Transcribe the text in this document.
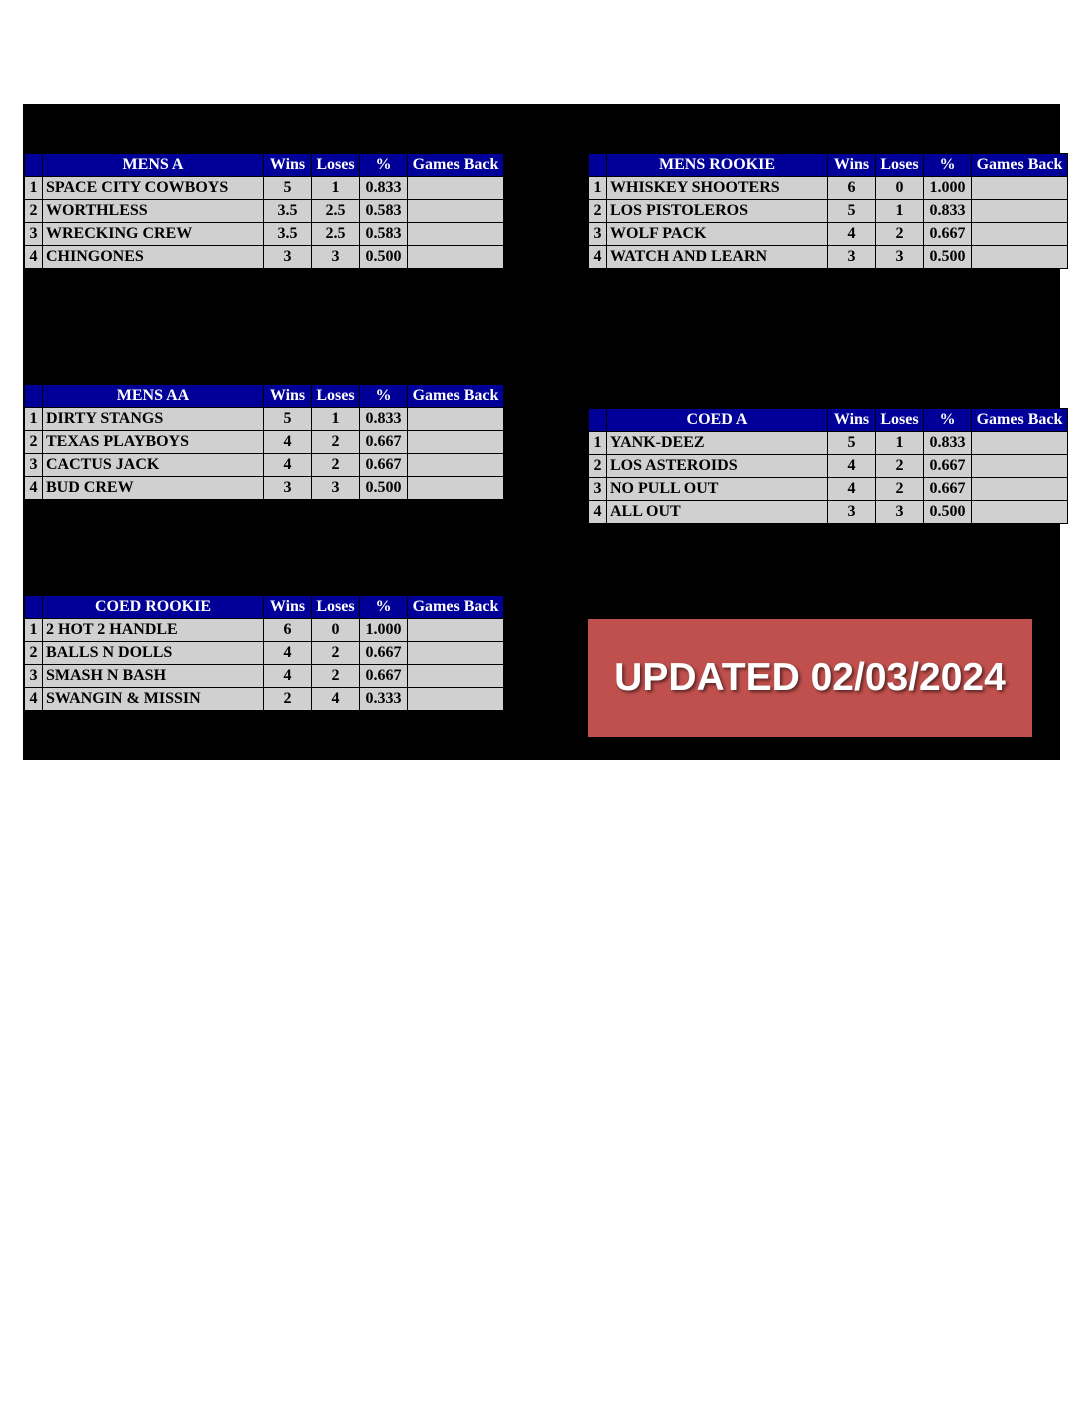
	MENS A	Wins	Loses	%	Games Back
1	SPACE CITY COWBOYS	5	1	0.833	
2	WORTHLESS	3.5	2.5	0.583	
3	WRECKING CREW	3.5	2.5	0.583	
4	CHINGONES	3	3	0.500	
	MENS ROOKIE	Wins	Loses	%	Games Back
1	WHISKEY SHOOTERS	6	0	1.000	
2	LOS PISTOLEROS	5	1	0.833	
3	WOLF PACK	4	2	0.667	
4	WATCH AND LEARN	3	3	0.500	
	MENS AA	Wins	Loses	%	Games Back
1	DIRTY STANGS	5	1	0.833	
2	TEXAS PLAYBOYS	4	2	0.667	
3	CACTUS JACK	4	2	0.667	
4	BUD CREW	3	3	0.500	
	COED A	Wins	Loses	%	Games Back
1	YANK-DEEZ	5	1	0.833	
2	LOS ASTEROIDS	4	2	0.667	
3	NO PULL OUT	4	2	0.667	
4	ALL OUT	3	3	0.500	
	COED ROOKIE	Wins	Loses	%	Games Back
1	2 HOT 2 HANDLE	6	0	1.000	
2	BALLS N DOLLS	4	2	0.667	
3	SMASH N BASH	4	2	0.667	
4	SWANGIN & MISSIN	2	4	0.333		UPDATED 02/03/2024
